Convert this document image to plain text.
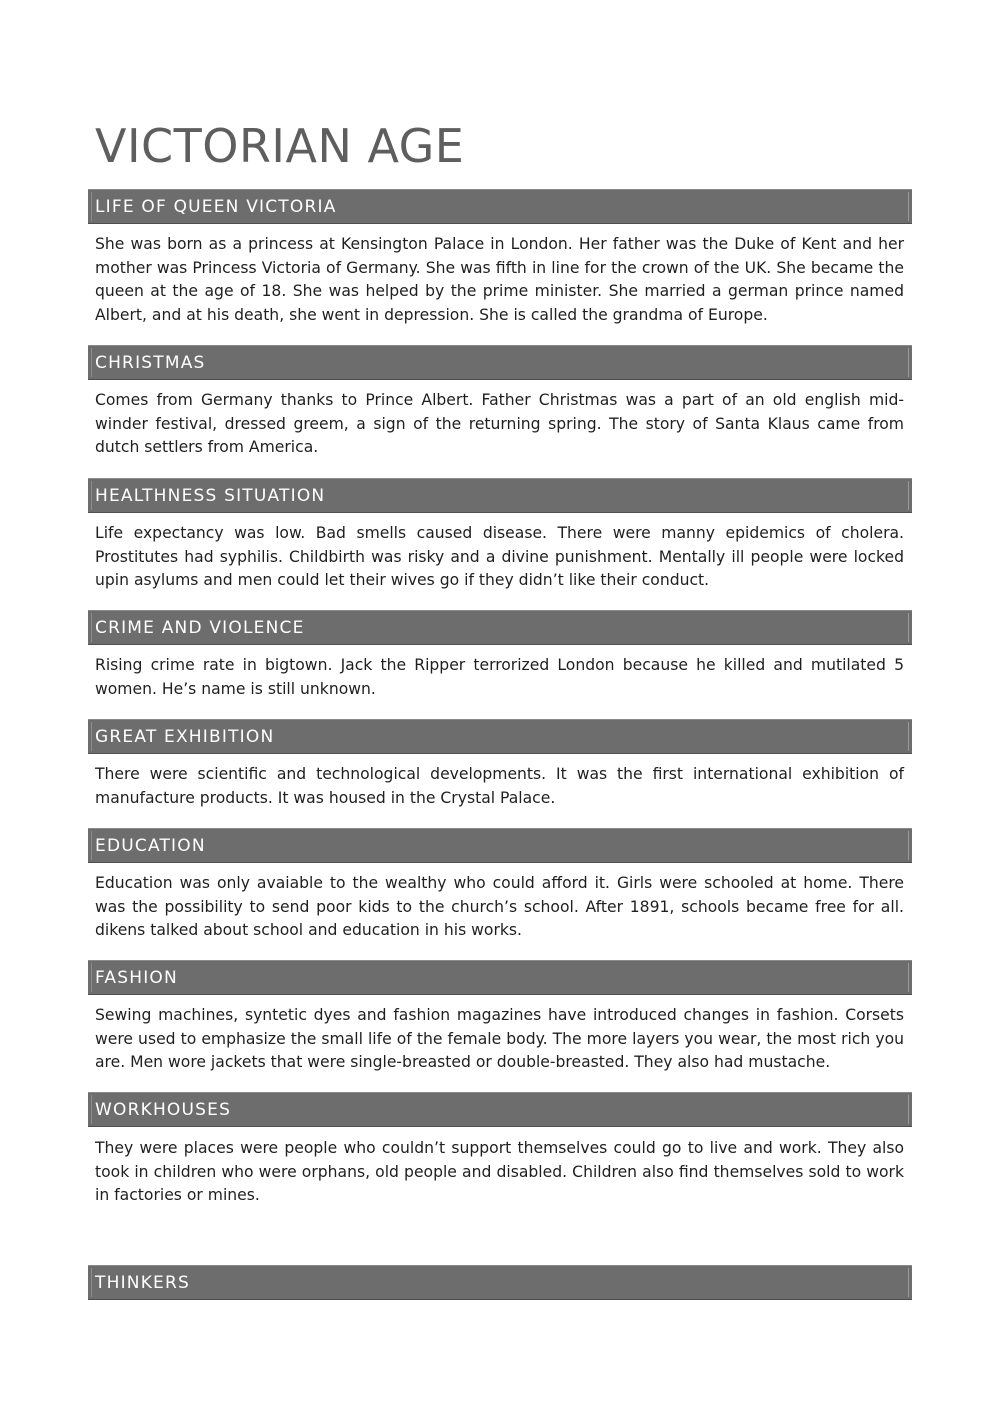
VICTORIAN AGE
LIFE OF QUEEN VICTORIA

She was born as a princess at Kensington Palace in London. Her father was the Duke of Kent and her mother was Princess Victoria of Germany. She was fifth in line for the crown of the UK. She became the queen at the age of 18. She was helped by the prime minister. She married a german prince named Albert, and at his death, she went in depression. She is called the grandma of Europe.

CHRISTMAS

Comes from Germany thanks to Prince Albert. Father Christmas was a part of an old english mid-winder festival, dressed greem, a sign of the returning spring. The story of Santa Klaus came from dutch settlers from America.

HEALTHNESS SITUATION

Life expectancy was low. Bad smells caused disease. There were manny epidemics of cholera. Prostitutes had syphilis. Childbirth was risky and a divine punishment. Mentally ill people were locked upin asylums and men could let their wives go if they didn’t like their conduct.

CRIME AND VIOLENCE

Rising crime rate in bigtown. Jack the Ripper terrorized London because he killed and mutilated 5 women. He’s name is still unknown.

GREAT EXHIBITION

There were scientific and technological developments. It was the first international exhibition of manufacture products. It was housed in the Crystal Palace.

EDUCATION

Education was only avaiable to the wealthy who could afford it. Girls were schooled at home. There was the possibility to send poor kids to the church’s school. After 1891, schools became free for all. dikens talked about school and education in his works.

FASHION

Sewing machines, syntetic dyes and fashion magazines have introduced changes in fashion. Corsets were used to emphasize the small life of the female body. The more layers you wear, the most rich you are. Men wore jackets that were single-breasted or double-breasted. They also had mustache.

WORKHOUSES

They were places were people who couldn’t support themselves could go to live and work. They also took in children who were orphans, old people and disabled. Children also find themselves sold to work in factories or mines.

THINKERS
